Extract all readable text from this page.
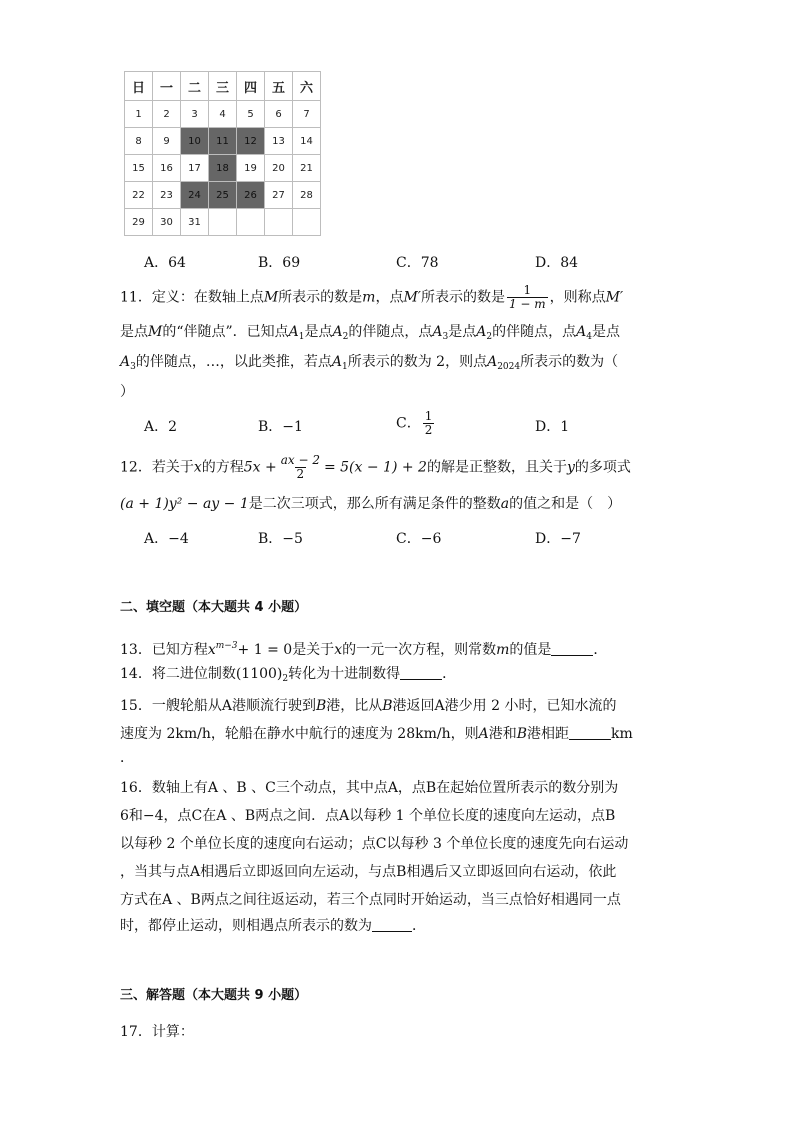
日	一	二	三	四	五	六
1	2	3	4	5	6	7
8	9	10	11	12	13	14
15	16	17	18	19	20	21
22	23	24	25	26	27	28
29	30	31				
A．64	B．69	C．78	D．84
11．定义：在数轴上点M所表示的数是m，点M′所表示的数是 $\frac{1}{1 - m}$ ，则称点M′
是点M的“伴随点”．已知点$A_1$是点$A_2$的伴随点，点$A_3$是点$A_2$的伴随点，点$A_4$是点
$A_3$的伴随点，…，以此类推，若点$A_1$所表示的数为 2，则点$A_{2024}$所表示的数为（
）
A．2	B．−1	C． $\frac{1}{2}$	D．1
12．若关于x的方程$5x + \frac{ax - 2}{2} = 5(x - 1) + 2$的解是正整数，且关于y的多项式
(a + 1)y² − ay − 1是二次三项式，那么所有满足条件的整数a的值之和是（　）
A．−4	B．−5	C．−6	D．−7
二、填空题（本大题共 4 小题）
13．已知方程$x^{m-3}+ 1 = 0$是关于x的一元一次方程，则常数m的值是	．
14．将二进位制数$(1100)_2$转化为十进制数得	．
15．一艘轮船从A港顺流行驶到B港，比从B港返回A港少用 2 小时，已知水流的
速度为 2km/h，轮船在静水中航行的速度为 28km/h，则A港和B港相距	km
．
16．数轴上有A 、B 、C三个动点，其中点A，点B在起始位置所表示的数分别为
6和−4，点C在A 、B两点之间．点A以每秒 1 个单位长度的速度向左运动，点B
以每秒 2 个单位长度的速度向右运动；点C以每秒 3 个单位长度的速度先向右运动
，当其与点A相遇后立即返回向左运动，与点B相遇后又立即返回向右运动，依此
方式在A 、B两点之间往返运动，若三个点同时开始运动，当三点恰好相遇同一点
时，都停止运动，则相遇点所表示的数为	．
三、解答题（本大题共 9 小题）
17．计算：
